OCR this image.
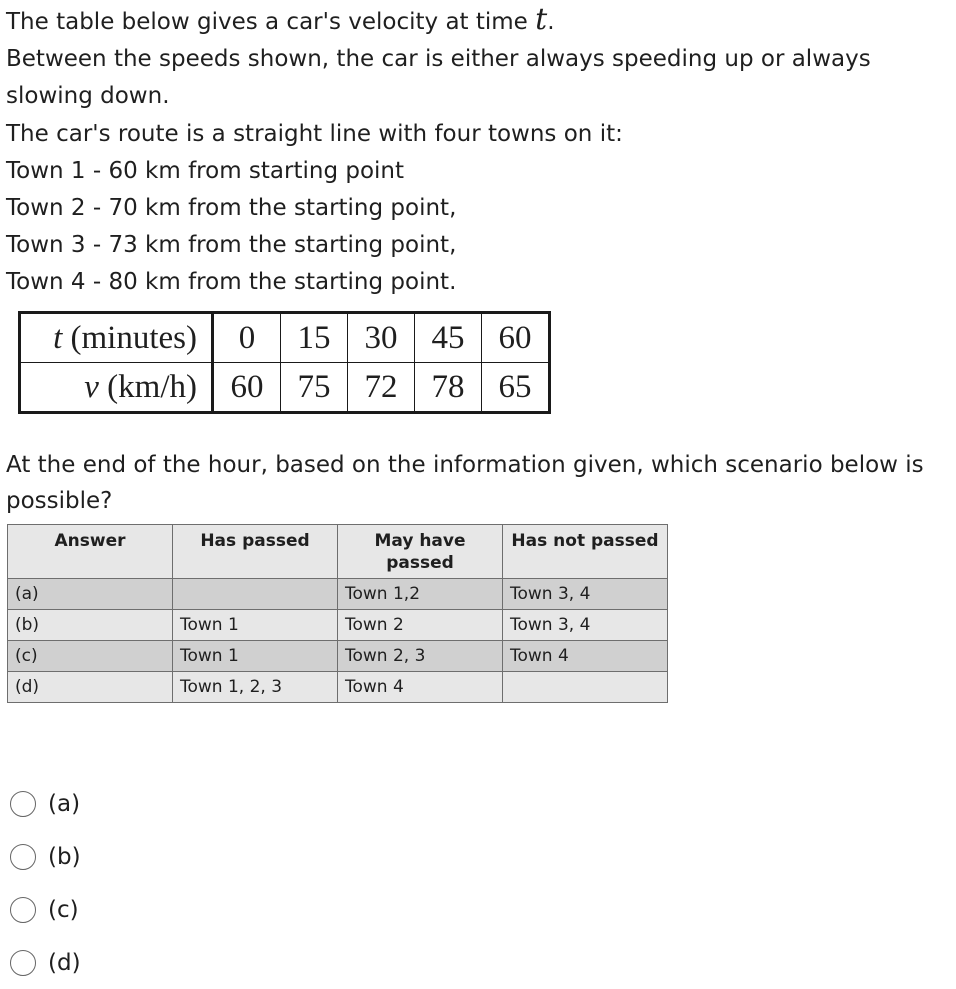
The table below gives a car's velocity at time t.

Between the speeds shown, the car is either always speeding up or always slowing down.

The car's route is a straight line with four towns on it:

Town 1 - 60 km from starting point

Town 2 - 70 km from the starting point,

Town 3 - 73 km from the starting point,

Town 4 - 80 km from the starting point.

t (minutes)	0	15	30	45	60
v (km/h)	60	75	72	78	65

At the end of the hour, based on the information given, which scenario below is possible?

Answer	Has passed	May have passed	Has not passed
(a)		Town 1,2	Town 3, 4
(b)	Town 1	Town 2	Town 3, 4
(c)	Town 1	Town 2, 3	Town 4
(d)	Town 1, 2, 3	Town 4	
(a)
(b)
(c)
(d)
